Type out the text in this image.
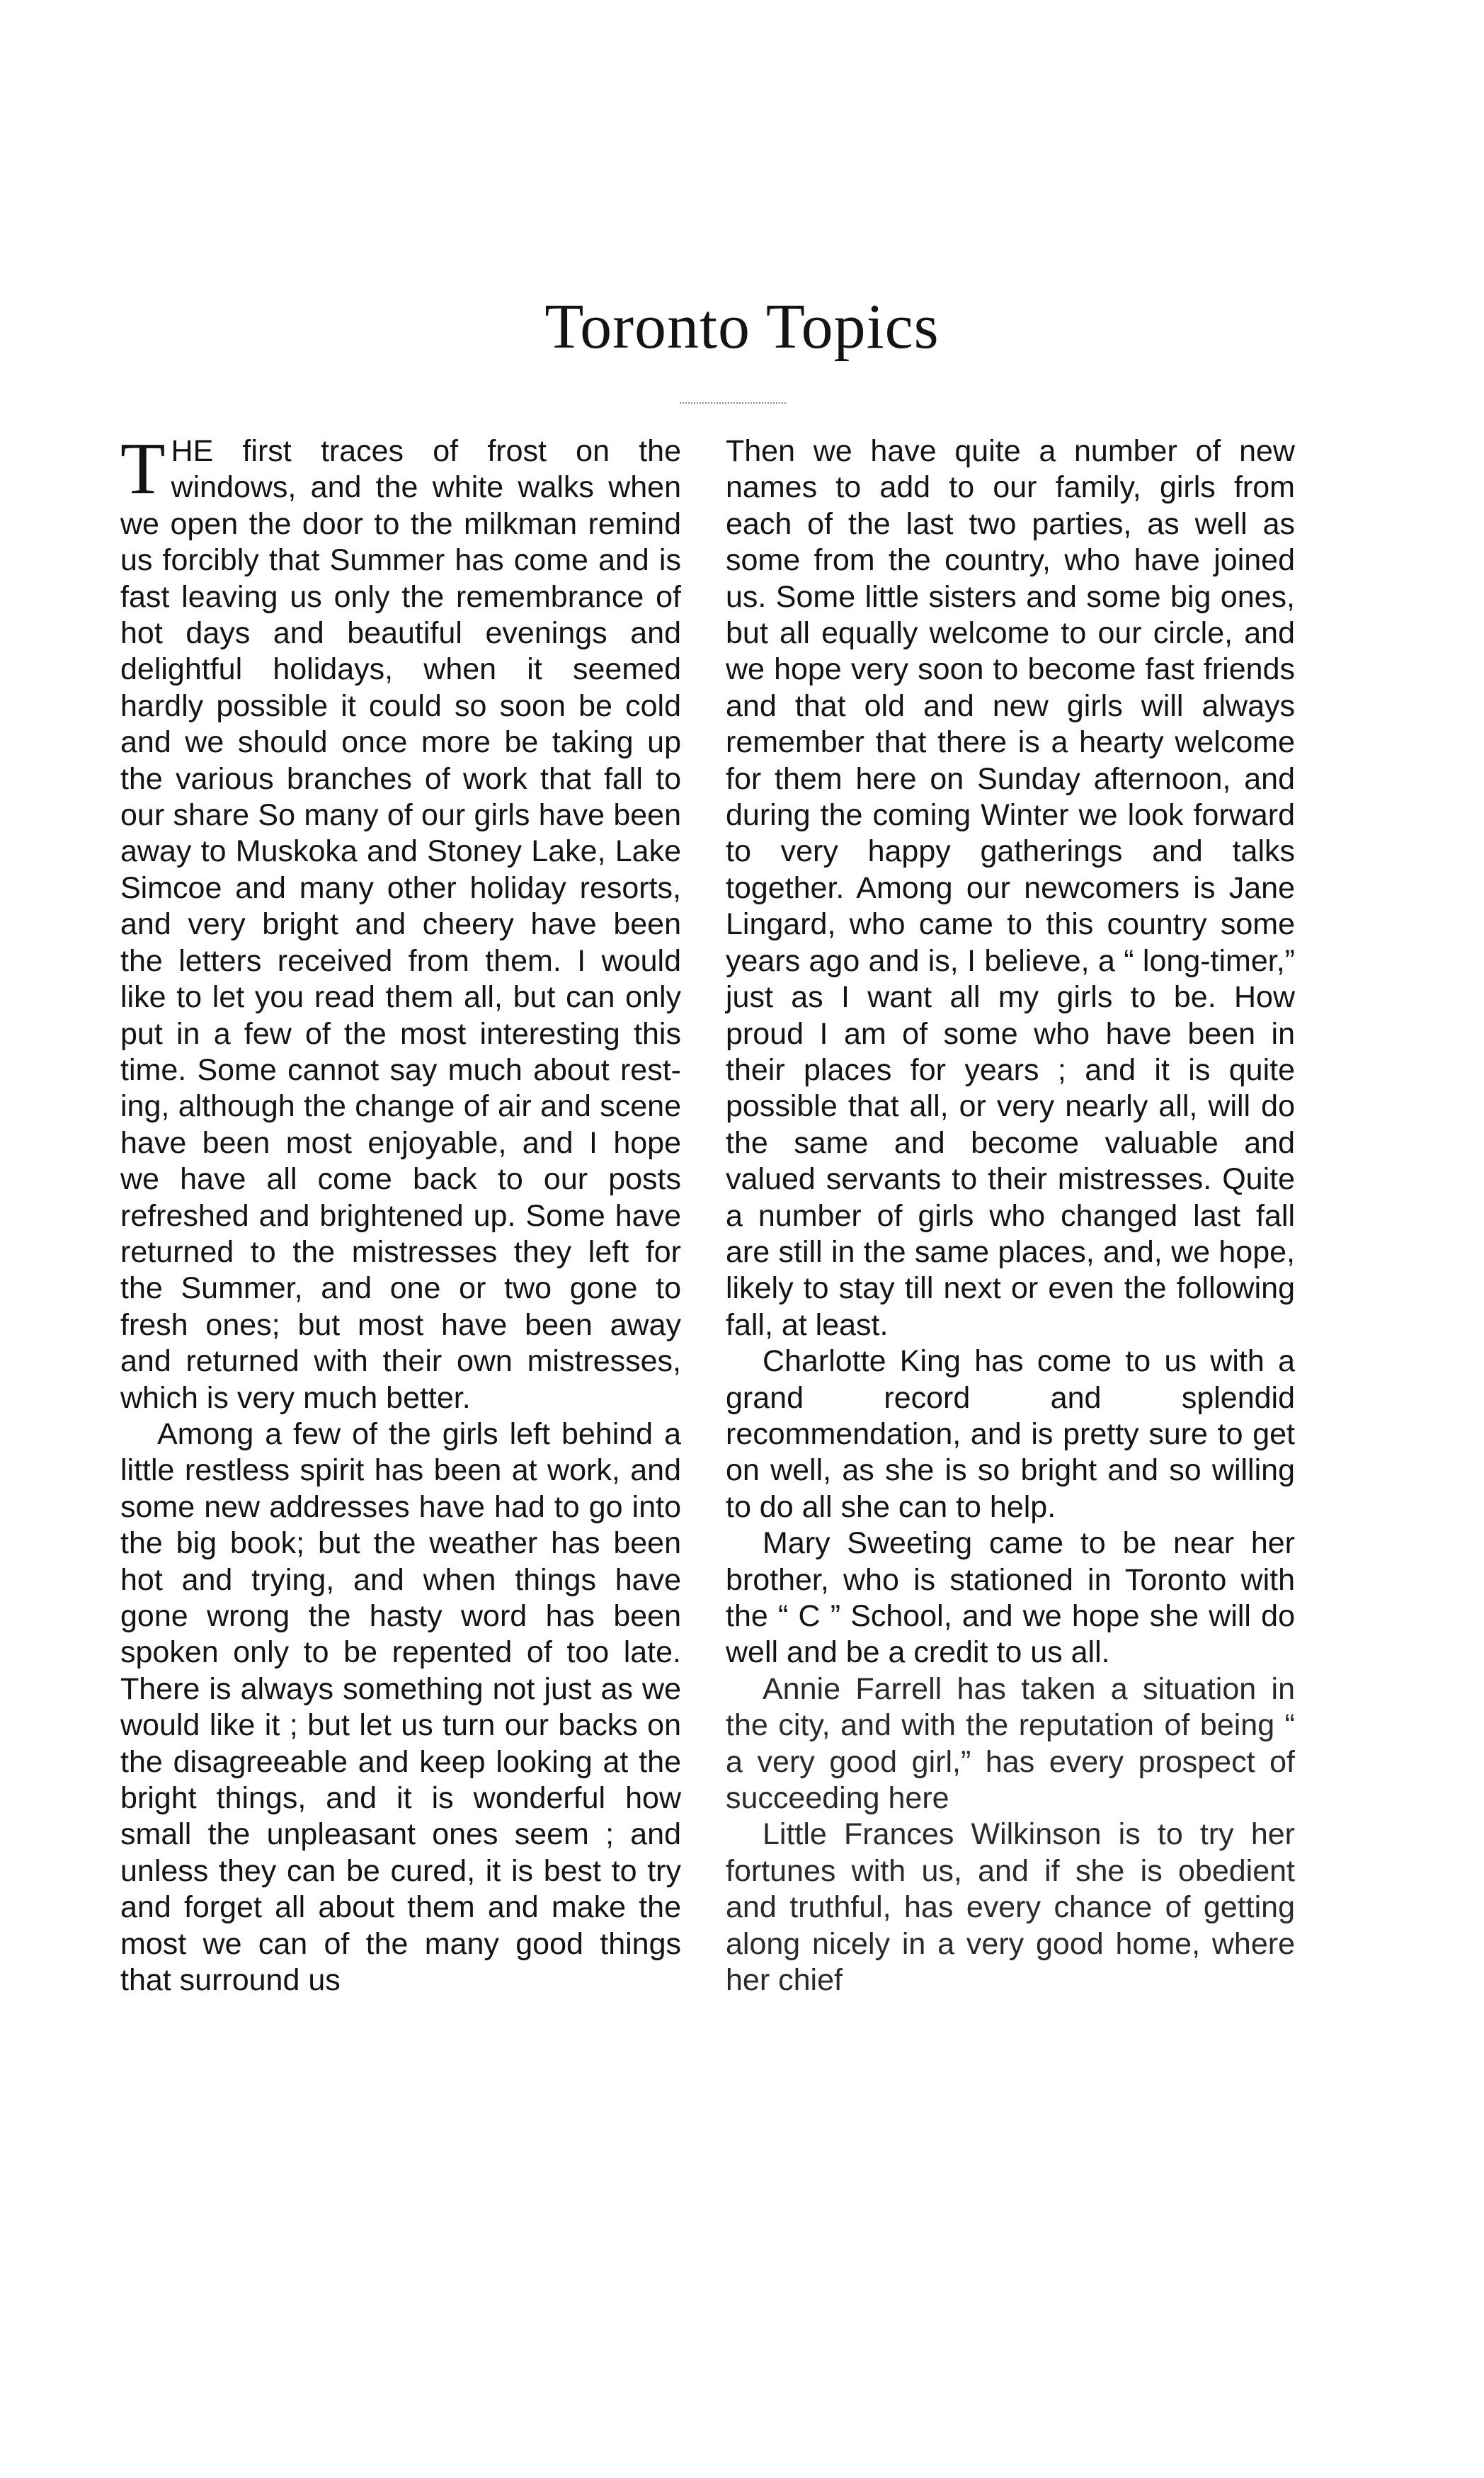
Toronto Topics

THE first traces of frost on the windows, and the white walks when we open the door to the milkman remind us forcibly that Summer has come and is fast leaving us only the remembrance of hot days and beautiful evenings and delightful holidays, when it seemed hardly possible it could so soon be cold and we should once more be taking up the various branches of work that fall to our share So many of our girls have been away to Muskoka and Stoney Lake, Lake Simcoe and many other holiday resorts, and very bright and cheery have been the letters received from them. I would like to let you read them all, but can only put in a few of the most interesting this time. Some cannot say much about resting, although the change of air and scene have been most enjoyable, and I hope we have all come back to our posts refreshed and brightened up. Some have returned to the mistresses they left for the Summer, and one or two gone to fresh ones; but most have been away and returned with their own mistresses, which is very much better.

Among a few of the girls left behind a little restless spirit has been at work, and some new addresses have had to go into the big book; but the weather has been hot and trying, and when things have gone wrong the hasty word has been spoken only to be repented of too late. There is always something not just as we would like it ; but let us turn our backs on the disagreeable and keep looking at the bright things, and it is wonderful how small the unpleasant ones seem ; and unless they can be cured, it is best to try and forget all about them and make the most we can of the many good things that surround us

Then we have quite a number of new names to add to our family, girls from each of the last two parties, as well as some from the country, who have joined us. Some little sisters and some big ones, but all equally welcome to our circle, and we hope very soon to become fast friends and that old and new girls will always remember that there is a hearty welcome for them here on Sunday afternoon, and during the coming Winter we look forward to very happy gatherings and talks together. Among our newcomers is Jane Lingard, who came to this country some years ago and is, I believe, a “ long-timer,” just as I want all my girls to be. How proud I am of some who have been in their places for years ; and it is quite possible that all, or very nearly all, will do the same and become valuable and valued servants to their mistresses. Quite a number of girls who changed last fall are still in the same places, and, we hope, likely to stay till next or even the following fall, at least.

Charlotte King has come to us with a grand record and splendid recommendation, and is pretty sure to get on well, as she is so bright and so willing to do all she can to help.

Mary Sweeting came to be near her brother, who is stationed in Toronto with the “ C ” School, and we hope she will do well and be a credit to us all.

Annie Farrell has taken a situation in the city, and with the reputation of being “ a very good girl,” has every prospect of succeeding here

Little Frances Wilkinson is to try her fortunes with us, and if she is obedient and truthful, has every chance of getting along nicely in a very good home, where her chief
